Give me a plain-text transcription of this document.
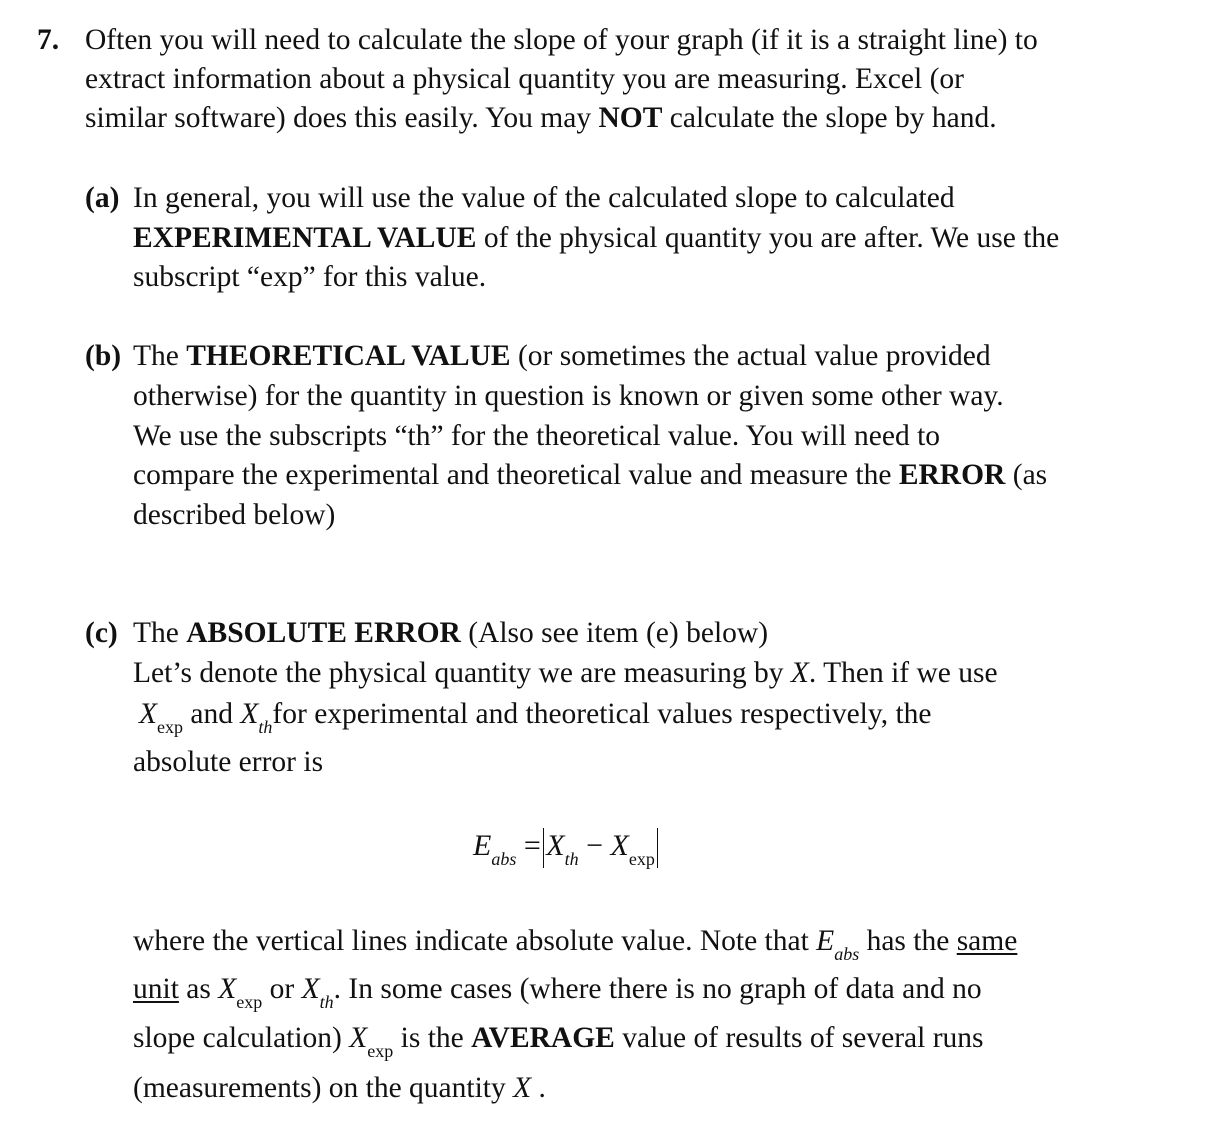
7. Often you will need to calculate the slope of your graph (if it is a straight line) to
extract information about a physical quantity you are measuring. Excel (or
similar software) does this easily. You may NOT calculate the slope by hand.
(a) In general, you will use the value of the calculated slope to calculated
EXPERIMENTAL VALUE of the physical quantity you are after. We use the
subscript “exp” for this value.
(b) The THEORETICAL VALUE (or sometimes the actual value provided
otherwise) for the quantity in question is known or given some other way.
We use the subscripts “th” for the theoretical value. You will need to
compare the experimental and theoretical value and measure the ERROR (as
described below)
(c) The ABSOLUTE ERROR (Also see item (e) below)
Let’s denote the physical quantity we are measuring by X. Then if we use
$X_{exp}$ and $X_{th}for$ experimental and theoretical values respectively, the
absolute error is
$E_{abs} = X_{th} - X_{exp}$
where the vertical lines indicate absolute value. Note that $E_{abs}$ has the same
unit as $X_{exp}$ or $X_{th}$. In some cases (where there is no graph of data and no
slope calculation) $X_{exp}$ is the AVERAGE value of results of several runs
(measurements) on the quantity X .
